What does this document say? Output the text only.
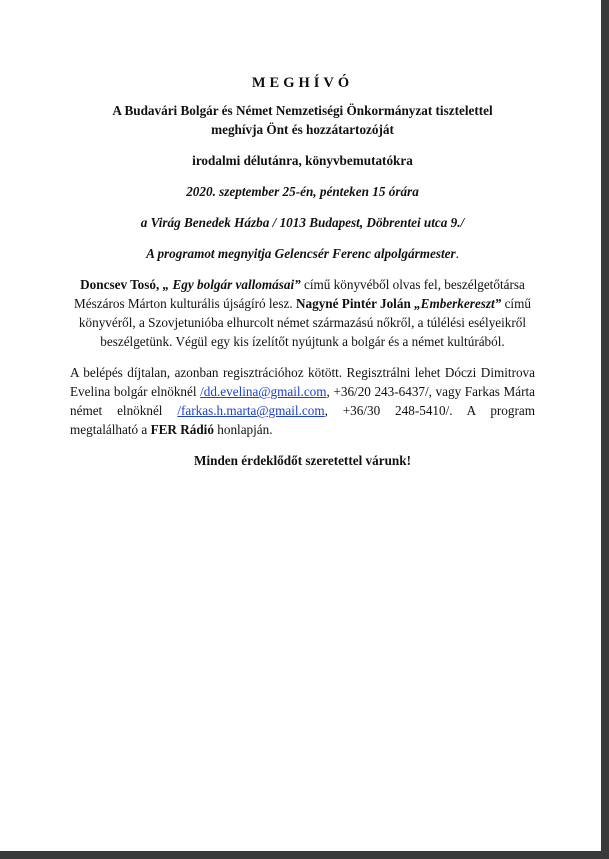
MEGHÍVÓ

A Budavári Bolgár és Német Nemzetiségi Önkormányzat tisztelettel

meghívja Önt és hozzátartozóját

irodalmi délutánra, könyvbemutatókra

2020. szeptember 25-én, pénteken 15 órára

a Virág Benedek Házba / 1013 Budapest, Döbrentei utca 9./

A programot megnyitja Gelencsér Ferenc alpolgármester.

Doncsev Tosó, „ Egy bolgár vallomásai” című könyvéből olvas fel, beszélgetőtársa Mészáros Márton kulturális újságíró lesz. Nagyné Pintér Jolán „Emberkereszt” című könyvéről, a Szovjetunióba elhurcolt német származású nőkről, a túlélési esélyeikről beszélgetünk. Végül egy kis ízelítőt nyújtunk a bolgár és a német kultúrából.

A belépés díjtalan, azonban regisztrációhoz kötött. Regisztrálni lehet Dóczi Dimitrova Evelina bolgár elnöknél /dd.evelina@gmail.com, +36/20 243-6437/, vagy Farkas Márta német elnöknél /farkas.h.marta@gmail.com, +36/30 248-5410/. A program megtalálható a FER Rádió honlapján.

Minden érdeklődőt szeretettel várunk!
